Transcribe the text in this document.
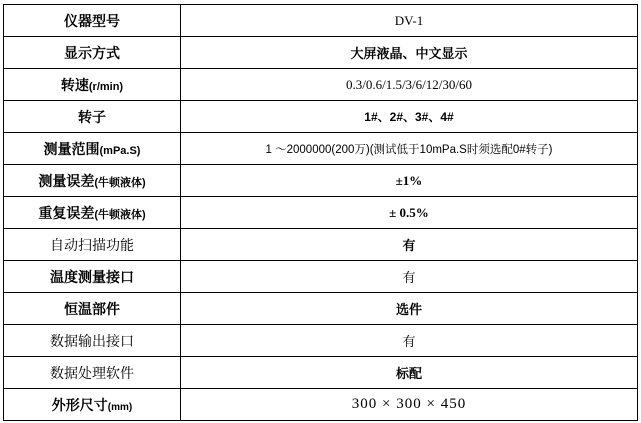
仪器型号	DV-1
显示方式	大屏液晶、中文显示
转速(r/min)	0.3/0.6/1.5/3/6/12/30/60
转子	1#、2#、3#、4#
测量范围(mPa.S)	1 ～2000000(200万)(测试低于10mPa.S时须选配0#转子)
测量误差(牛顿液体)	±1%
重复误差(牛顿液体)	± 0.5%
自动扫描功能	有
温度测量接口	有
恒温部件	选件
数据输出接口	有
数据处理软件	标配
外形尺寸(mm)	300 × 300 × 450
